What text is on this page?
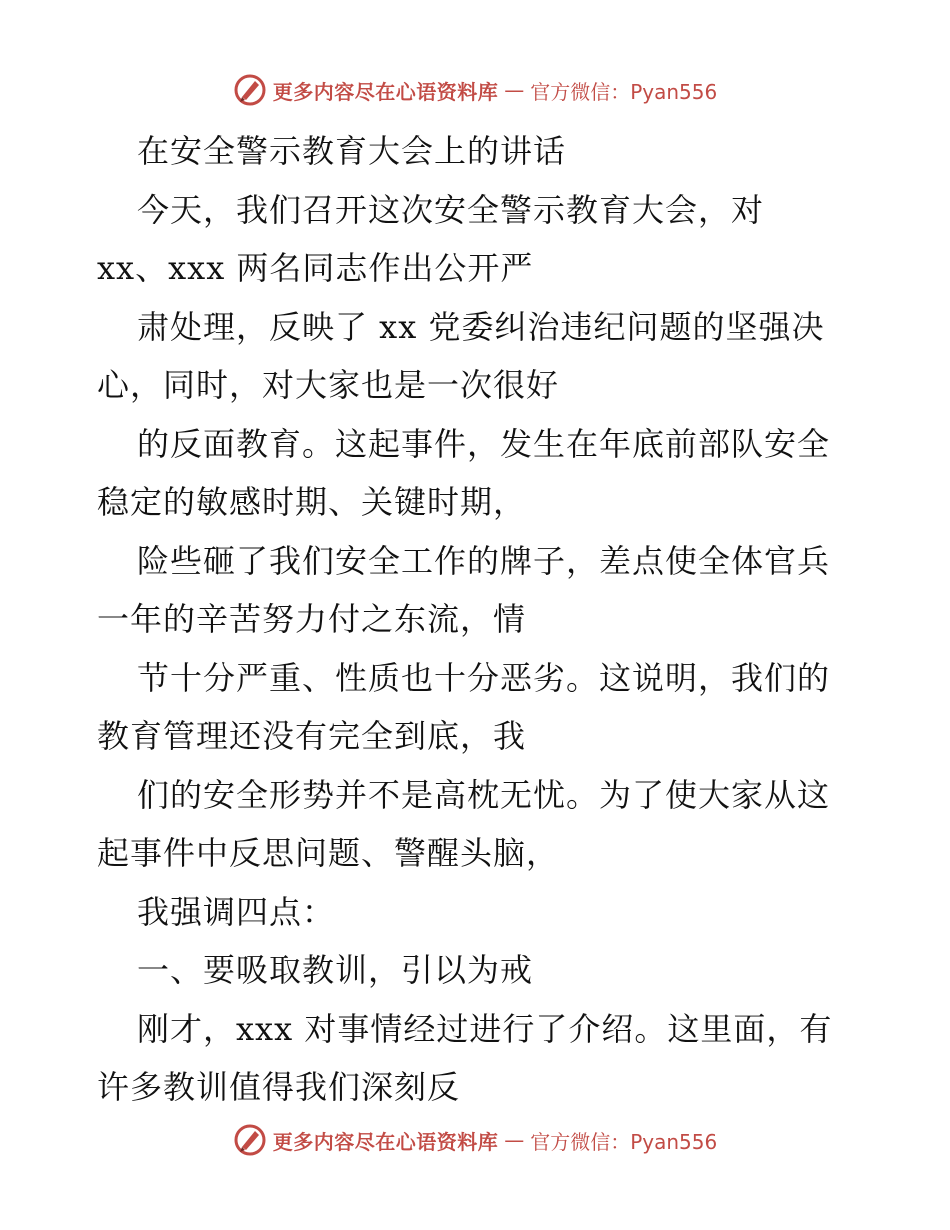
更多内容尽在心语资料库 — 官方微信：Pyan556
在安全警示教育大会上的讲话
今天，我们召开这次安全警示教育大会，对
xx、xxx 两名同志作出公开严
肃处理，反映了 xx 党委纠治违纪问题的坚强决
心，同时，对大家也是一次很好
的反面教育。这起事件，发生在年底前部队安全
稳定的敏感时期、关键时期，
险些砸了我们安全工作的牌子，差点使全体官兵
一年的辛苦努力付之东流，情
节十分严重、性质也十分恶劣。这说明，我们的
教育管理还没有完全到底，我
们的安全形势并不是高枕无忧。为了使大家从这
起事件中反思问题、警醒头脑，
我强调四点：
一、要吸取教训，引以为戒
刚才，xxx 对事情经过进行了介绍。这里面，有
许多教训值得我们深刻反
更多内容尽在心语资料库 — 官方微信：Pyan556
